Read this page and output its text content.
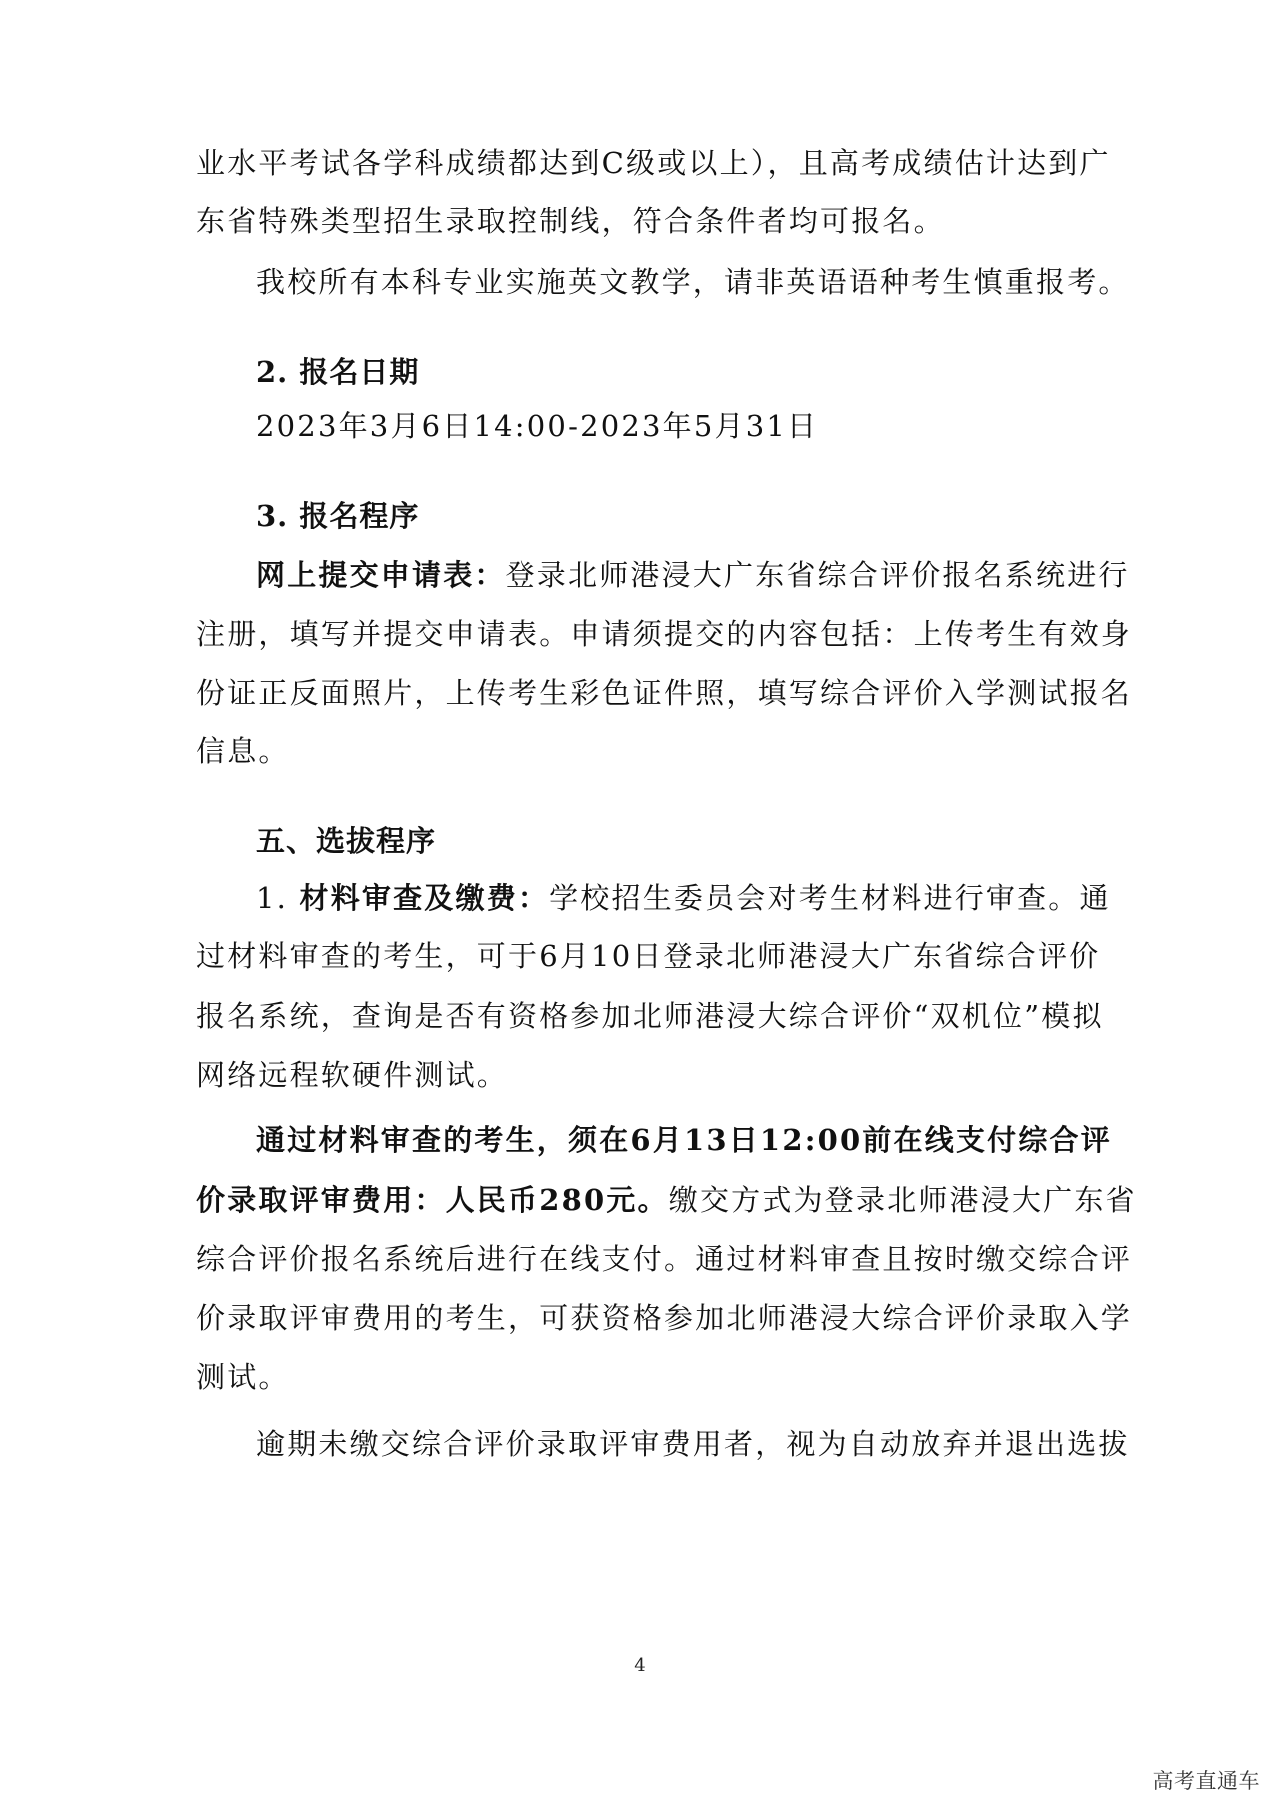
业水平考试各学科成绩都达到C级或以上），且高考成绩估计达到广
东省特殊类型招生录取控制线，符合条件者均可报名。
我校所有本科专业实施英文教学，请非英语语种考生慎重报考。
2. 报名日期
2023年3月6日14:00-2023年5月31日
3. 报名程序
网上提交申请表：登录北师港浸大广东省综合评价报名系统进行
注册，填写并提交申请表。申请须提交的内容包括：上传考生有效身
份证正反面照片，上传考生彩色证件照，填写综合评价入学测试报名
信息。
五、选拔程序
1. 材料审查及缴费：学校招生委员会对考生材料进行审查。通
过材料审查的考生，可于6月10日登录北师港浸大广东省综合评价
报名系统，查询是否有资格参加北师港浸大综合评价“双机位”模拟
网络远程软硬件测试。
通过材料审查的考生，须在6月13日12:00前在线支付综合评
价录取评审费用：人民币280元。缴交方式为登录北师港浸大广东省
综合评价报名系统后进行在线支付。通过材料审查且按时缴交综合评
价录取评审费用的考生，可获资格参加北师港浸大综合评价录取入学
测试。
逾期未缴交综合评价录取评审费用者，视为自动放弃并退出选拔
4
高考直通车
